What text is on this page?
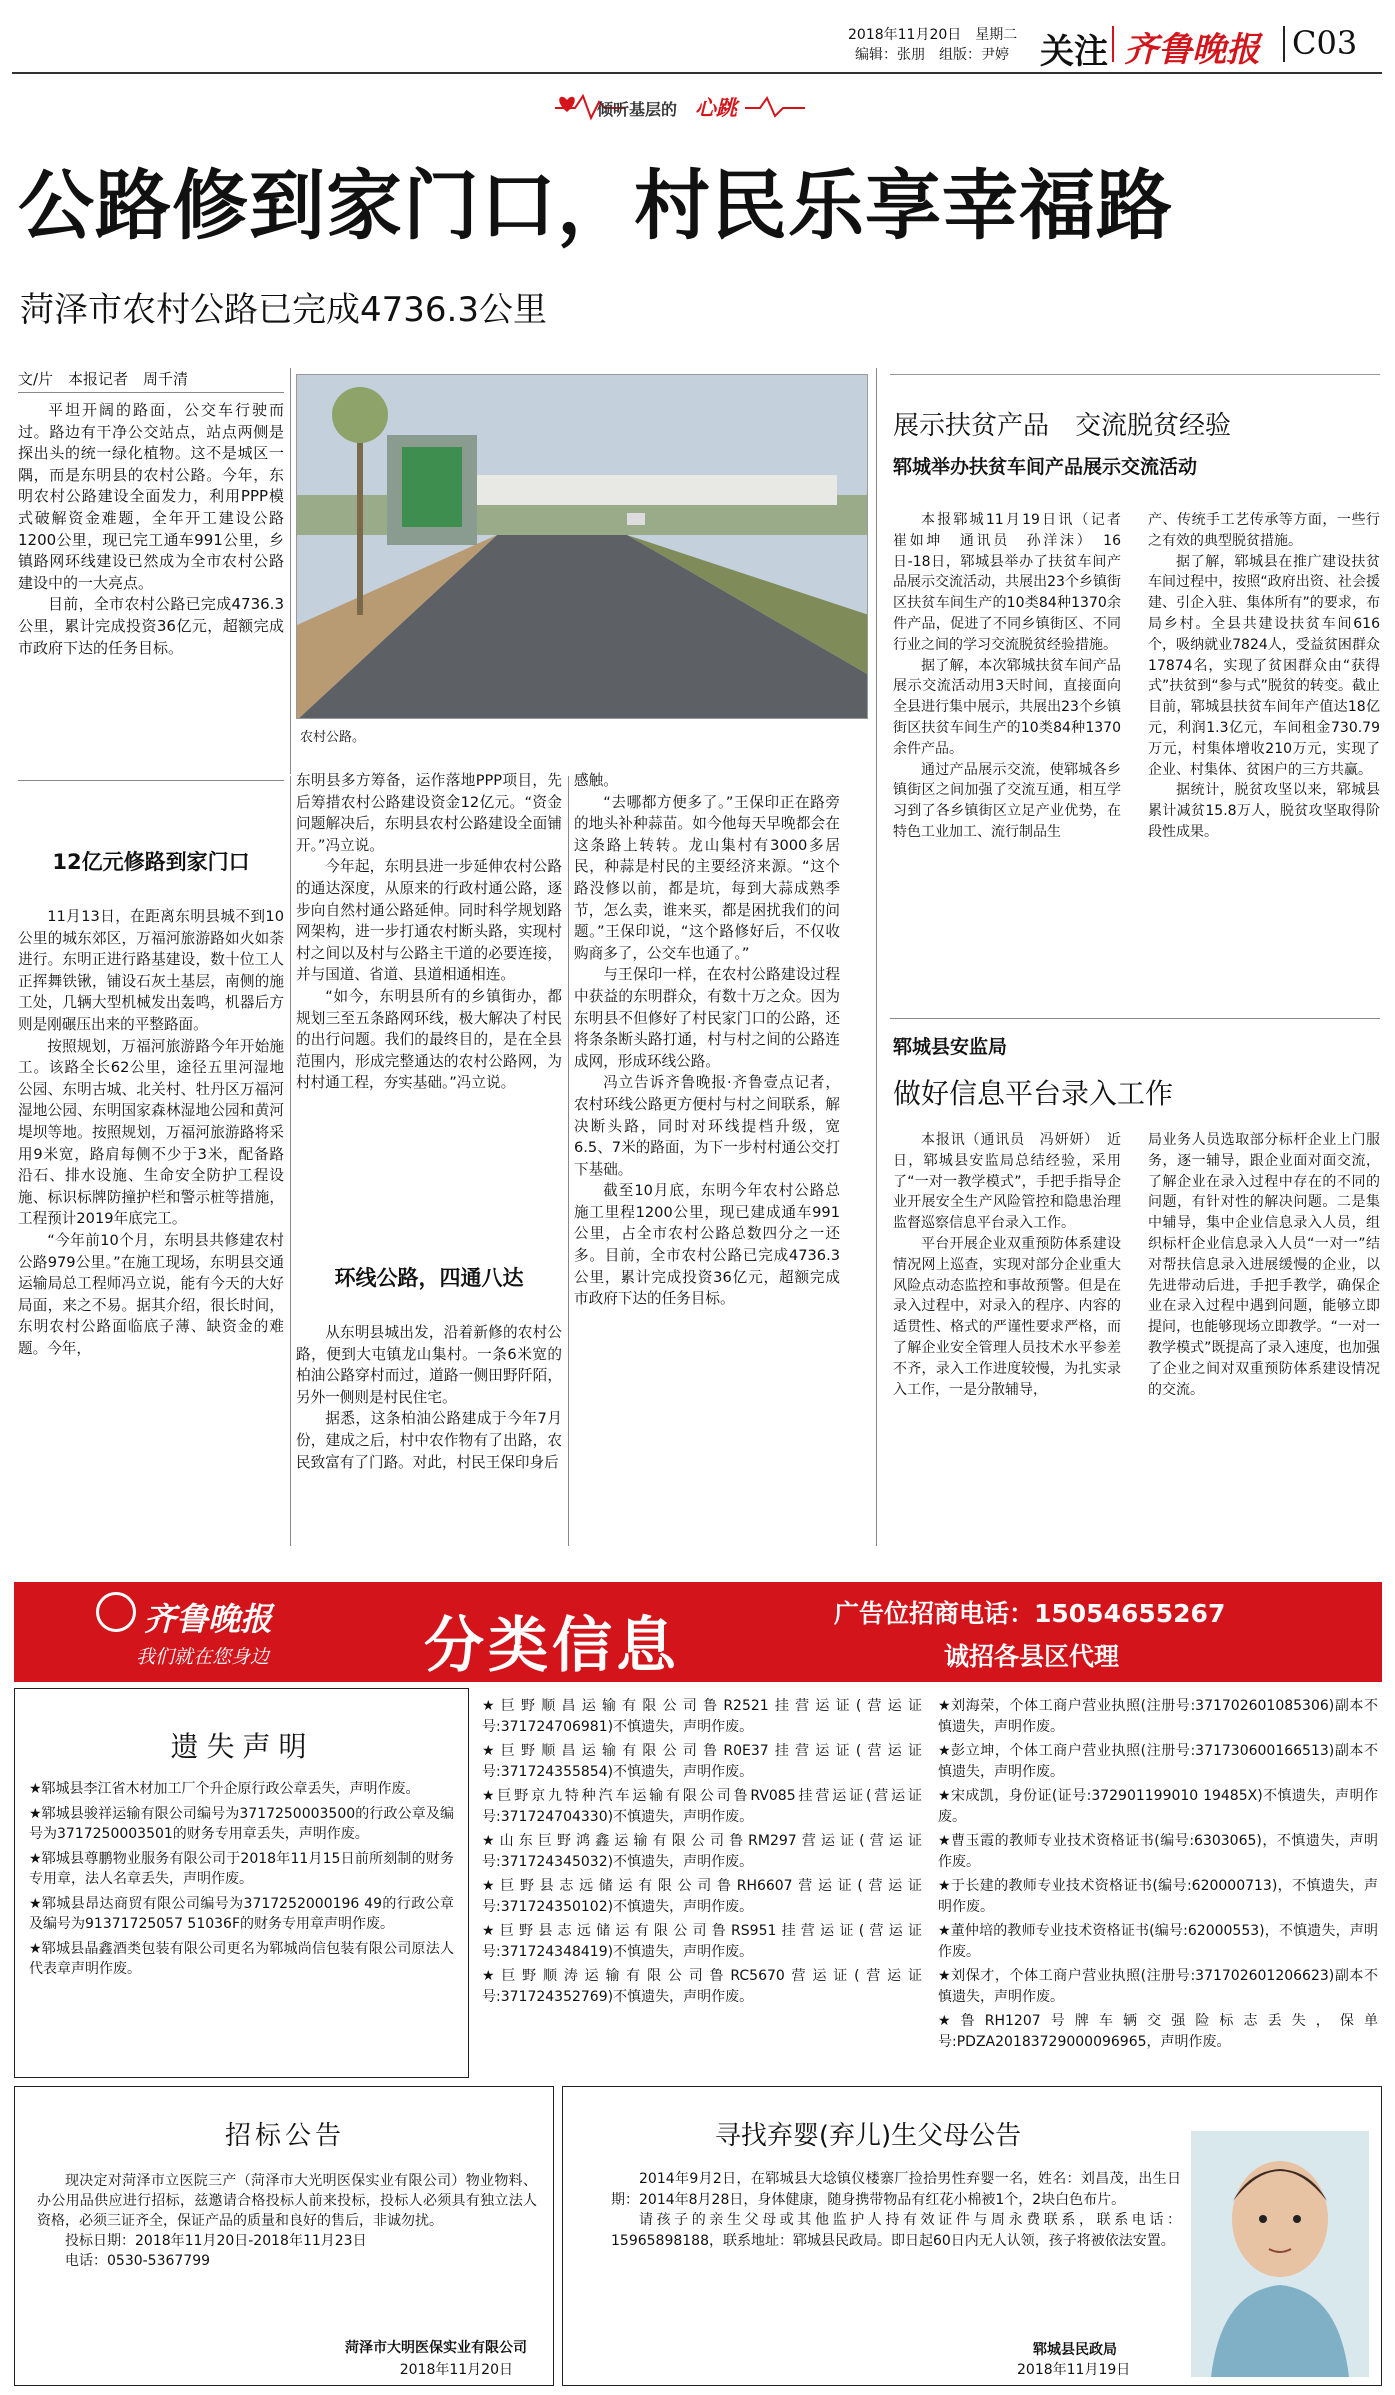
2018年11月20日　星期二
编辑：张朋　组版：尹婷 关注 齐鲁晚报 C03
倾听基层的 心跳
公路修到家门口，村民乐享幸福路
菏泽市农村公路已完成4736.3公里
文/片　本报记者　周千清

平坦开阔的路面，公交车行驶而过。路边有干净公交站点，站点两侧是探出头的统一绿化植物。这不是城区一隅，而是东明县的农村公路。今年，东明农村公路建设全面发力，利用PPP模式破解资金难题，全年开工建设公路1200公里，现已完工通车991公里，乡镇路网环线建设已然成为全市农村公路建设中的一大亮点。

目前，全市农村公路已完成4736.3公里，累计完成投资36亿元，超额完成市政府下达的任务目标。

农村公路。
12亿元修路到家门口

11月13日，在距离东明县城不到10公里的城东郊区，万福河旅游路如火如荼进行。东明正进行路基建设，数十位工人正挥舞铁锹，铺设石灰土基层，南侧的施工处，几辆大型机械发出轰鸣，机器后方则是刚碾压出来的平整路面。

按照规划，万福河旅游路今年开始施工。该路全长62公里，途径五里河湿地公园、东明古城、北关村、牡丹区万福河湿地公园、东明国家森林湿地公园和黄河堤坝等地。按照规划，万福河旅游路将采用9米宽，路肩每侧不少于3米，配备路沿石、排水设施、生命安全防护工程设施、标识标牌防撞护栏和警示桩等措施，工程预计2019年底完工。

“今年前10个月，东明县共修建农村公路979公里。”在施工现场，东明县交通运输局总工程师冯立说，能有今天的大好局面，来之不易。据其介绍，很长时间，东明农村公路面临底子薄、缺资金的难题。今年，

东明县多方筹备，运作落地PPP项目，先后筹措农村公路建设资金12亿元。“资金问题解决后，东明县农村公路建设全面铺开。”冯立说。

今年起，东明县进一步延伸农村公路的通达深度，从原来的行政村通公路，逐步向自然村通公路延伸。同时科学规划路网架构，进一步打通农村断头路，实现村村之间以及村与公路主干道的必要连接，并与国道、省道、县道相通相连。

“如今，东明县所有的乡镇街办，都规划三至五条路网环线，极大解决了村民的出行问题。我们的最终目的，是在全县范围内，形成完整通达的农村公路网，为村村通工程，夯实基础。”冯立说。

环线公路，四通八达

从东明县城出发，沿着新修的农村公路，便到大屯镇龙山集村。一条6米宽的柏油公路穿村而过，道路一侧田野阡陌，另外一侧则是村民住宅。

据悉，这条柏油公路建成于今年7月份，建成之后，村中农作物有了出路，农民致富有了门路。对此，村民王保印身后

感触。

“去哪都方便多了。”王保印正在路旁的地头补种蒜苗。如今他每天早晚都会在这条路上转转。龙山集村有3000多居民，种蒜是村民的主要经济来源。“这个路没修以前，都是坑，每到大蒜成熟季节，怎么卖，谁来买，都是困扰我们的问题。”王保印说，“这个路修好后，不仅收购商多了，公交车也通了。”

与王保印一样，在农村公路建设过程中获益的东明群众，有数十万之众。因为东明县不但修好了村民家门口的公路，还将条条断头路打通，村与村之间的公路连成网，形成环线公路。

冯立告诉齐鲁晚报·齐鲁壹点记者，农村环线公路更方便村与村之间联系，解决断头路，同时对环线提档升级，宽6.5、7米的路面，为下一步村村通公交打下基础。

截至10月底，东明今年农村公路总施工里程1200公里，现已建成通车991公里，占全市农村公路总数四分之一还多。目前，全市农村公路已完成4736.3公里，累计完成投资36亿元，超额完成市政府下达的任务目标。

展示扶贫产品　交流脱贫经验
郓城举办扶贫车间产品展示交流活动

本报郓城11月19日讯（记者　崔如坤　通讯员　孙洋沫）　16日-18日，郓城县举办了扶贫车间产品展示交流活动，共展出23个乡镇街区扶贫车间生产的10类84种1370余件产品，促进了不同乡镇街区、不同行业之间的学习交流脱贫经验措施。

据了解，本次郓城扶贫车间产品展示交流活动用3天时间，直接面向全县进行集中展示，共展出23个乡镇街区扶贫车间生产的10类84种1370余件产品。

通过产品展示交流，使郓城各乡镇街区之间加强了交流互通，相互学习到了各乡镇街区立足产业优势，在特色工业加工、流行制品生

产、传统手工艺传承等方面，一些行之有效的典型脱贫措施。

据了解，郓城县在推广建设扶贫车间过程中，按照“政府出资、社会援建、引企入驻、集体所有”的要求，布局乡村。全县共建设扶贫车间616个，吸纳就业7824人，受益贫困群众17874名，实现了贫困群众由“获得式”扶贫到“参与式”脱贫的转变。截止目前，郓城县扶贫车间年产值达18亿元，利润1.3亿元，车间租金730.79万元，村集体增收210万元，实现了企业、村集体、贫困户的三方共赢。

据统计，脱贫攻坚以来，郓城县累计减贫15.8万人，脱贫攻坚取得阶段性成果。

郓城县安监局
做好信息平台录入工作

本报讯（通讯员　冯妍妍）　近日，郓城县安监局总结经验，采用了“一对一教学模式”，手把手指导企业开展安全生产风险管控和隐患治理监督巡察信息平台录入工作。

平台开展企业双重预防体系建设情况网上巡查，实现对部分企业重大风险点动态监控和事故预警。但是在录入过程中，对录入的程序、内容的适贯性、格式的严谨性要求严格，而了解企业安全管理人员技术水平参差不齐，录入工作进度较慢，为扎实录入工作，一是分散辅导，

局业务人员选取部分标杆企业上门服务，逐一辅导，跟企业面对面交流，了解企业在录入过程中存在的不同的问题，有针对性的解决问题。二是集中辅导，集中企业信息录入人员，组织标杆企业信息录入人员“一对一”结对帮扶信息录入进展缓慢的企业，以先进带动后进，手把手教学，确保企业在录入过程中遇到问题，能够立即提问，也能够现场立即教学。“一对一教学模式”既提高了录入速度，也加强了企业之间对双重预防体系建设情况的交流。

齐鲁晚报
我们就在您身边	分类信息	广告位招商电话：15054655267
诚招各县区代理
遗失声明
★郓城县李江省木材加工厂个升企原行政公章丢失，声明作废。
★郓城县骏祥运输有限公司编号为3717250003500的行政公章及编号为3717250003501的财务专用章丢失，声明作废。
★郓城县尊鹏物业服务有限公司于2018年11月15日前所刻制的财务专用章，法人名章丢失，声明作废。
★郓城县昂达商贸有限公司编号为3717252000196 49的行政公章及编号为91371725057 51036F的财务专用章声明作废。
★郓城县晶鑫酒类包装有限公司更名为郓城尚信包装有限公司原法人代表章声明作废。
★巨野顺昌运输有限公司鲁R2521挂营运证(营运证号:371724706981)不慎遗失，声明作废。
★巨野顺昌运输有限公司鲁R0E37挂营运证(营运证号:371724355854)不慎遗失，声明作废。
★巨野京九特种汽车运输有限公司鲁RV085挂营运证(营运证号:371724704330)不慎遗失，声明作废。
★山东巨野鸿鑫运输有限公司鲁RM297营运证(营运证号:371724345032)不慎遗失，声明作废。
★巨野县志远储运有限公司鲁RH6607营运证(营运证号:371724350102)不慎遗失，声明作废。
★巨野县志远储运有限公司鲁RS951挂营运证(营运证号:371724348419)不慎遗失，声明作废。
★巨野顺涛运输有限公司鲁RC5670营运证(营运证号:371724352769)不慎遗失，声明作废。
★刘海荣，个体工商户营业执照(注册号:371702601085306)副本不慎遗失，声明作废。
★彭立坤，个体工商户营业执照(注册号:371730600166513)副本不慎遗失，声明作废。
★宋成凯，身份证(证号:372901199010 19485X)不慎遗失，声明作废。
★曹玉霞的教师专业技术资格证书(编号:6303065)，不慎遗失，声明作废。
★于长建的教师专业技术资格证书(编号:620000713)，不慎遗失，声明作废。
★董仲培的教师专业技术资格证书(编号:62000553)，不慎遗失，声明作废。
★刘保才，个体工商户营业执照(注册号:371702601206623)副本不慎遗失，声明作废。
★鲁RH1207号牌车辆交强险标志丢失，保单号:PDZA20183729000096965，声明作废。
招标公告

现决定对菏泽市立医院三产（菏泽市大光明医保实业有限公司）物业物料、办公用品供应进行招标，兹邀请合格投标人前来投标，投标人必须具有独立法人资格，必须三证齐全，保证产品的质量和良好的售后，非诚勿扰。

投标日期：2018年11月20日-2018年11月23日

电话：0530-5367799

菏泽市大明医保实业有限公司
2018年11月20日
寻找弃婴(弃儿)生父母公告

2014年9月2日，在郓城县大埝镇仪楼寨厂捡拾男性弃婴一名，姓名：刘昌茂，出生日期：2014年8月28日，身体健康，随身携带物品有红花小棉被1个，2块白色布片。

请孩子的亲生父母或其他监护人持有效证件与周永费联系，联系电话：15965898188，联系地址：郓城县民政局。即日起60日内无人认领，孩子将被依法安置。

郓城县民政局
2018年11月19日
